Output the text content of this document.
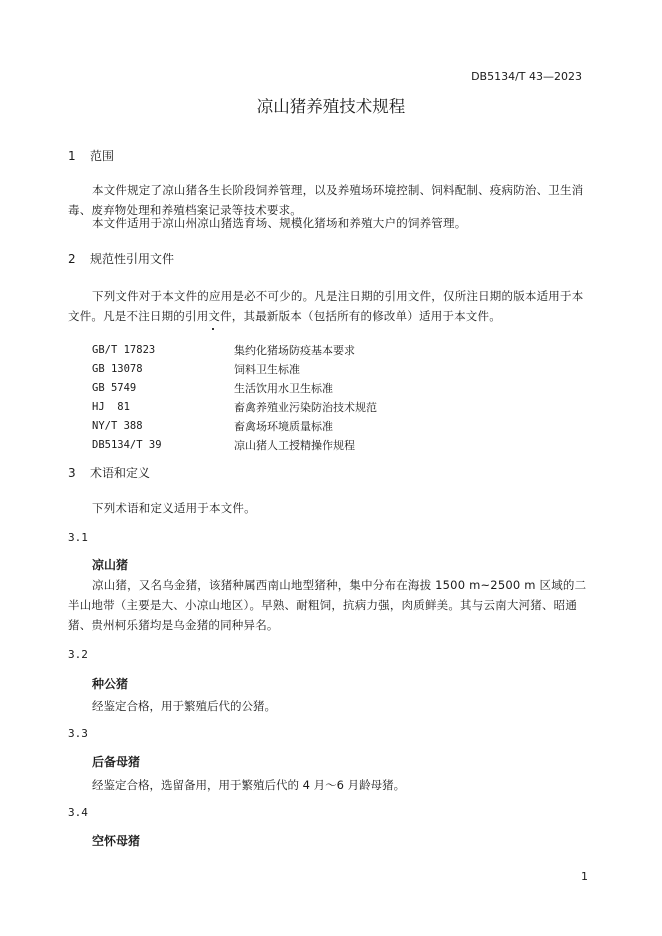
DB5134/T 43—2023
凉山猪养殖技术规程
1 范围
本文件规定了凉山猪各生长阶段饲养管理，以及养殖场环境控制、饲料配制、疫病防治、卫生消毒、废弃物处理和养殖档案记录等技术要求。
本文件适用于凉山州凉山猪选育场、规模化猪场和养殖大户的饲养管理。
2 规范性引用文件
下列文件对于本文件的应用是必不可少的。凡是注日期的引用文件，仅所注日期的版本适用于本文件。凡是不注日期的引用文件，其最新版本（包括所有的修改单）适用于本文件。
GB/T 17823	集约化猪场防疫基本要求
GB 13078	饲料卫生标准
GB 5749	生活饮用水卫生标准
HJ  81	畜禽养殖业污染防治技术规范
NY/T 388	畜禽场环境质量标准
DB5134/T 39	凉山猪人工授精操作规程
3 术语和定义
下列术语和定义适用于本文件。
3.1
凉山猪
凉山猪，又名乌金猪，该猪种属西南山地型猪种，集中分布在海拔 1500 m~2500 m 区域的二半山地带（主要是大、小凉山地区）。早熟、耐粗饲，抗病力强，肉质鲜美。其与云南大河猪、昭通猪、贵州柯乐猪均是乌金猪的同种异名。
3.2
种公猪
经鉴定合格，用于繁殖后代的公猪。
3.3
后备母猪
经鉴定合格，选留备用，用于繁殖后代的 4 月～6 月龄母猪。
3.4
空怀母猪
1
